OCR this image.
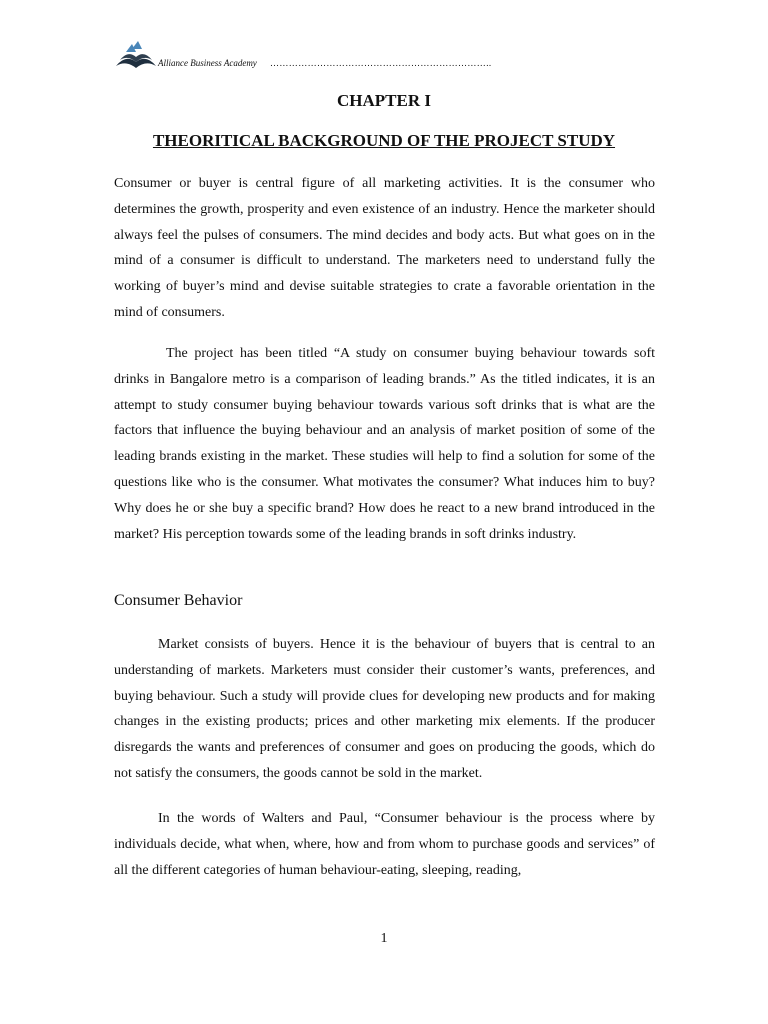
Alliance Business Academy ……………………………………………………………..
CHAPTER I
THEORITICAL BACKGROUND OF THE PROJECT STUDY

Consumer or buyer is central figure of all marketing activities. It is the consumer who determines the growth, prosperity and even existence of an industry. Hence the marketer should always feel the pulses of consumers. The mind decides and body acts. But what goes on in the mind of a consumer is difficult to understand. The marketers need to understand fully the working of buyer’s mind and devise suitable strategies to crate a favorable orientation in the mind of consumers.

The project has been titled “A study on consumer buying behaviour towards soft drinks in Bangalore metro is a comparison of leading brands.” As the titled indicates, it is an attempt to study consumer buying behaviour towards various soft drinks that is what are the factors that influence the buying behaviour and an analysis of market position of some of the leading brands existing in the market. These studies will help to find a solution for some of the questions like who is the consumer. What motivates the consumer? What induces him to buy? Why does he or she buy a specific brand? How does he react to a new brand introduced in the market? His perception towards some of the leading brands in soft drinks industry.

Consumer Behavior

Market consists of buyers. Hence it is the behaviour of buyers that is central to an understanding of markets. Marketers must consider their customer’s wants, preferences, and buying behaviour. Such a study will provide clues for developing new products and for making changes in the existing products; prices and other marketing mix elements. If the producer disregards the wants and preferences of consumer and goes on producing the goods, which do not satisfy the consumers, the goods cannot be sold in the market.

In the words of Walters and Paul, “Consumer behaviour is the process where by individuals decide, what when, where, how and from whom to purchase goods and services” of all the different categories of human behaviour-eating, sleeping, reading,

1
